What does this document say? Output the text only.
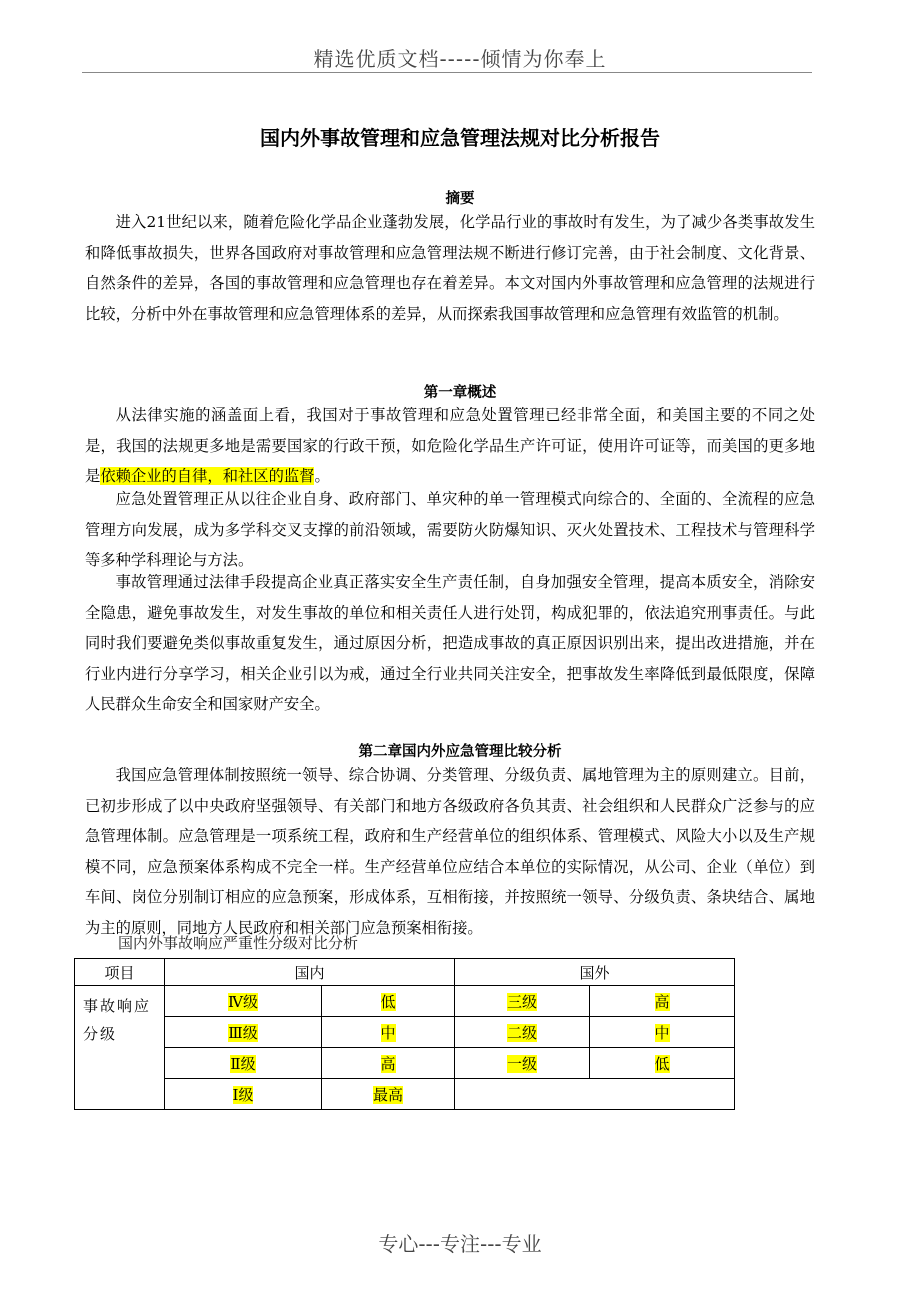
精选优质文档-----倾情为你奉上
国内外事故管理和应急管理法规对比分析报告
摘要

进入21世纪以来，随着危险化学品企业蓬勃发展，化学品行业的事故时有发生，为了减少各类事故发生和降低事故损失，世界各国政府对事故管理和应急管理法规不断进行修订完善，由于社会制度、文化背景、自然条件的差异，各国的事故管理和应急管理也存在着差异。本文对国内外事故管理和应急管理的法规进行比较，分析中外在事故管理和应急管理体系的差异，从而探索我国事故管理和应急管理有效监管的机制。

第一章概述

从法律实施的涵盖面上看，我国对于事故管理和应急处置管理已经非常全面，和美国主要的不同之处是，我国的法规更多地是需要国家的行政干预，如危险化学品生产许可证，使用许可证等，而美国的更多地是依赖企业的自律，和社区的监督。

应急处置管理正从以往企业自身、政府部门、单灾种的单一管理模式向综合的、全面的、全流程的应急管理方向发展，成为多学科交叉支撑的前沿领域，需要防火防爆知识、灭火处置技术、工程技术与管理科学等多种学科理论与方法。

事故管理通过法律手段提高企业真正落实安全生产责任制，自身加强安全管理，提高本质安全，消除安全隐患，避免事故发生，对发生事故的单位和相关责任人进行处罚，构成犯罪的，依法追究刑事责任。与此同时我们要避免类似事故重复发生，通过原因分析，把造成事故的真正原因识别出来，提出改进措施，并在行业内进行分享学习，相关企业引以为戒，通过全行业共同关注安全，把事故发生率降低到最低限度，保障人民群众生命安全和国家财产安全。

第二章国内外应急管理比较分析

我国应急管理体制按照统一领导、综合协调、分类管理、分级负责、属地管理为主的原则建立。目前，已初步形成了以中央政府坚强领导、有关部门和地方各级政府各负其责、社会组织和人民群众广泛参与的应急管理体制。应急管理是一项系统工程，政府和生产经营单位的组织体系、管理模式、风险大小以及生产规模不同，应急预案体系构成不完全一样。生产经营单位应结合本单位的实际情况，从公司、企业（单位）到车间、岗位分别制订相应的应急预案，形成体系，互相衔接，并按照统一领导、分级负责、条块结合、属地为主的原则，同地方人民政府和相关部门应急预案相衔接。

国内外事故响应严重性分级对比分析
项目	国内		国外	
事故响应分级	Ⅳ级	低	三级	高
	Ⅲ级	中	二级	中
	Ⅱ级	高	一级	低
	Ⅰ级	最高		
专心---专注---专业
